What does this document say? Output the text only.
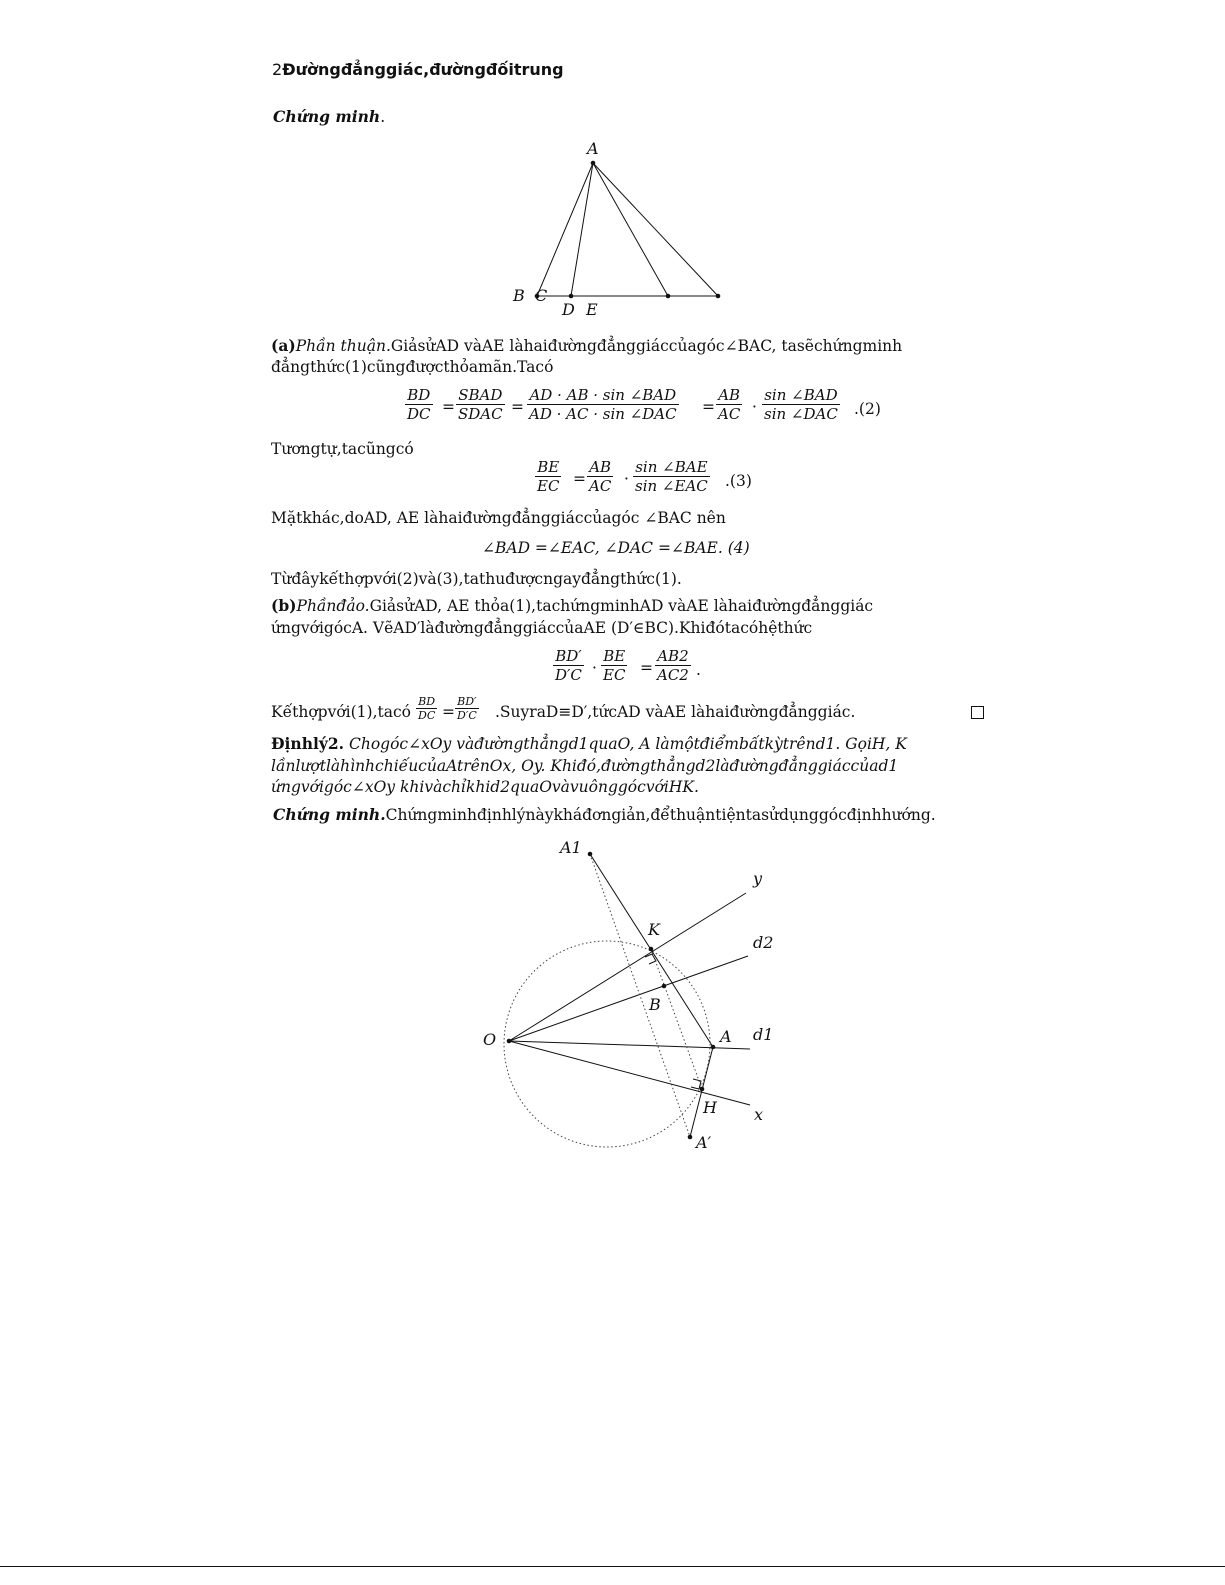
2Đườngđẳnggiác,đườngđốitrung
Chứng minh.
A
B C
D E
(a)Phần thuận.GiảsửAD vàAE làhaiđườngđẳnggiáccủagóc∠BAC, tasẽchứngminh
đẳngthức(1)cũngđượcthỏamãn.Tacó
$\frac{BD}{DC}$ =
SBAD
SDAC =
AD · AB · sin ∠BAD
AD · AC · sin ∠DAC = $\frac{AB}{AC}$ ·
sin ∠BAD
sin ∠DAC .(2)
Tươngtự,tacũngcó
$\frac{BE}{EC} = \frac{AB}{AC}$ ·
sin ∠BAE
sin ∠EAC .(3)
Mặtkhác,doAD, AE làhaiđườngđẳnggiáccủagóc ∠BAC nên
∠BAD =∠EAC, ∠DAC =∠BAE. (4)
Từđâykếthợpvới(2)và(3),tathuđượcngayđẳngthức(1).
(b)Phầnđảo.GiảsửAD, AE thỏa(1),tachứngminhAD vàAE làhaiđườngđẳnggiác
ứngvớigócA. VẽAD′làđườngđẳnggiáccủaAE (D′∈BC).Khiđótacóhệthức
$\frac{BD'}{D'C} \cdot \frac{BE}{EC} = \frac{AB2}{AC2}$ .
Kếthợpvới(1),tacó $\frac{BD}{DC} = \frac{BD'}{D'C}$ .SuyraD≡D′,tứcAD vàAE làhaiđườngđẳnggiác.
Địnhlý2. Chogóc∠xOy vàđườngthẳngd1quaO, A làmộtđiểmbấtkỳtrênd1. GọiH, K
lầnlượtlàhìnhchiếucủaAtrênOx, Oy. Khiđó,đườngthẳngd2làđườngđẳnggiáccủad1
ứngvớigóc∠xOy khivàchỉkhid2quaOvàvuônggócvớiHK.
Chứng minh.Chứngminhđịnhlýnàykháđơngiản,đểthuậntiệntasửdụnggócđịnhhướng.
A1
y
K
d2
B
O	A d1
H x
A′
